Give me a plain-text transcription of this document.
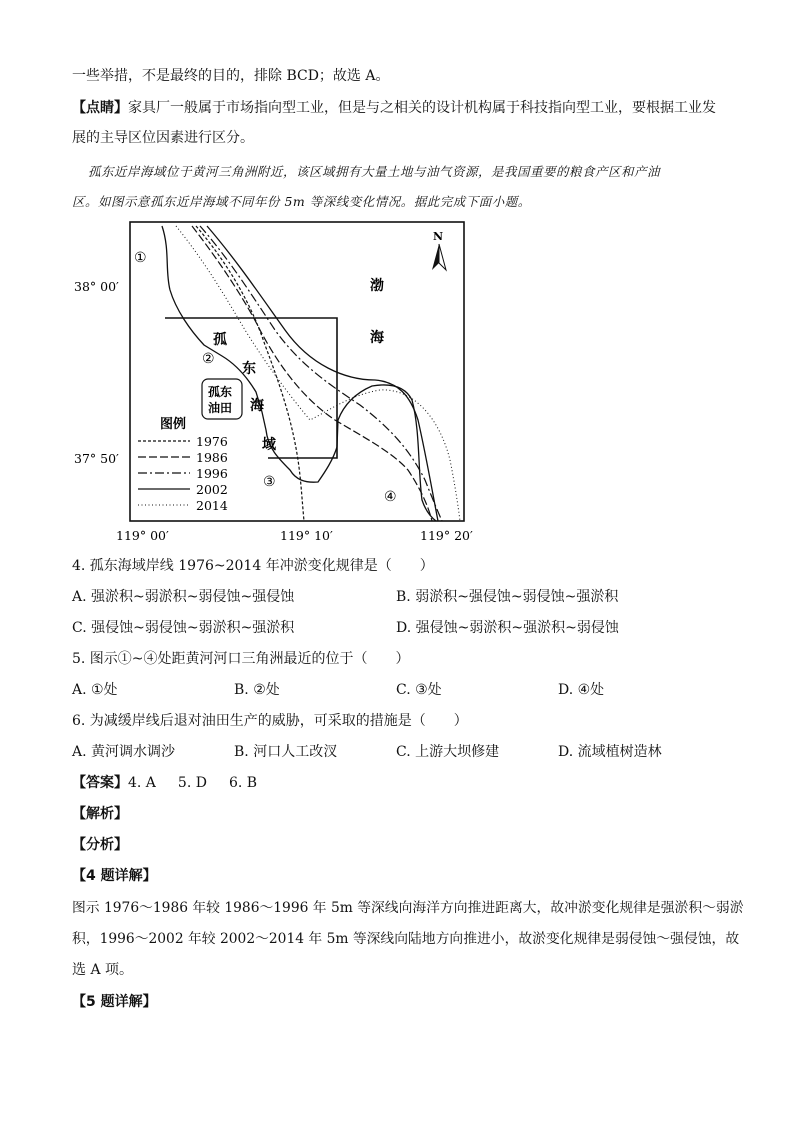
一些举措，不是最终的目的，排除 BCD；故选 A。
【点睛】家具厂一般属于市场指向型工业，但是与之相关的设计机构属于科技指向型工业，要根据工业发
展的主导区位因素进行区分。
孤东近岸海域位于黄河三角洲附近，该区域拥有大量土地与油气资源，是我国重要的粮食产区和产油
区。如图示意孤东近岸海域不同年份 5m 等深线变化情况。据此完成下面小题。
N
渤
海
孤
东
海
域
孤东
油田
①
②
③
④
38° 00′
37° 50′
119° 00′	119° 10′	119° 20′
图例
1976
1986
1996
2002
2014
4. 孤东海域岸线 1976~2014 年冲淤变化规律是（　　）
A. 强淤积~弱淤积~弱侵蚀~强侵蚀	B. 弱淤积~强侵蚀~弱侵蚀~强淤积
C. 强侵蚀~弱侵蚀~弱淤积~强淤积	D. 强侵蚀~弱淤积~强淤积~弱侵蚀
5. 图示①~④处距黄河河口三角洲最近的位于（　　）
A. ①处	B. ②处	C. ③处	D. ④处
6. 为减缓岸线后退对油田生产的威胁，可采取的措施是（　　）
A. 黄河调水调沙	B. 河口人工改汊	C. 上游大坝修建	D. 流域植树造林
【答案】4. A 5. D 6. B
【解析】
【分析】
【4 题详解】
图示 1976～1986 年较 1986～1996 年 5m 等深线向海洋方向推进距离大，故冲淤变化规律是强淤积～弱淤
积，1996～2002 年较 2002～2014 年 5m 等深线向陆地方向推进小，故淤变化规律是弱侵蚀～强侵蚀，故
选 A 项。
【5 题详解】
